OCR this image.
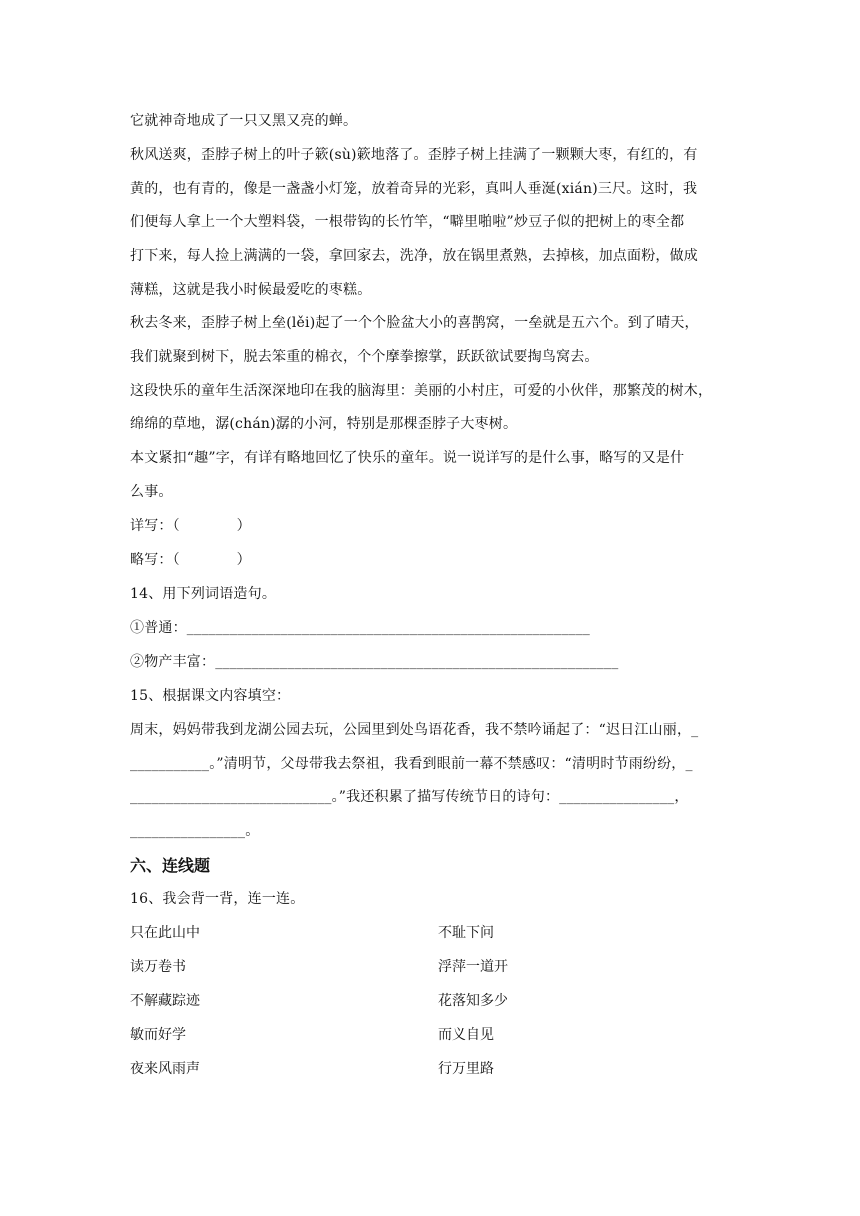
它就神奇地成了一只又黑又亮的蝉。
秋风送爽，歪脖子树上的叶子簌(sù)簌地落了。歪脖子树上挂满了一颗颗大枣，有红的，有
黄的，也有青的，像是一盏盏小灯笼，放着奇异的光彩，真叫人垂涎(xián)三尺。这时，我
们便每人拿上一个大塑料袋，一根带钩的长竹竿，“噼里啪啦”炒豆子似的把树上的枣全都
打下来，每人捡上满满的一袋，拿回家去，洗净，放在锅里煮熟，去掉核，加点面粉，做成
薄糕，这就是我小时候最爱吃的枣糕。
秋去冬来，歪脖子树上垒(lěi)起了一个个脸盆大小的喜鹊窝，一垒就是五六个。到了晴天，
我们就聚到树下，脱去笨重的棉衣，个个摩拳擦掌，跃跃欲试要掏鸟窝去。
这段快乐的童年生活深深地印在我的脑海里：美丽的小村庄，可爱的小伙伴，那繁茂的树木，
绵绵的草地，潺(chán)潺的小河，特别是那棵歪脖子大枣树。
本文紧扣“趣”字，有详有略地回忆了快乐的童年。说一说详写的是什么事，略写的又是什
么事。
详写：（　　　　）
略写：（　　　　）
14、用下列词语造句。
①普通：________________________________________________________
②物产丰富：________________________________________________________
15、根据课文内容填空：
周末，妈妈带我到龙湖公园去玩，公园里到处鸟语花香，我不禁吟诵起了：“迟日江山丽，_
___________。”清明节，父母带我去祭祖，我看到眼前一幕不禁感叹：“清明时节雨纷纷，_
____________________________。”我还积累了描写传统节日的诗句：________________，
________________。
六、连线题
16、我会背一背，连一连。
只在此山中	不耻下问
读万卷书	浮萍一道开
不解藏踪迹	花落知多少
敏而好学	而义自见
夜来风雨声	行万里路
